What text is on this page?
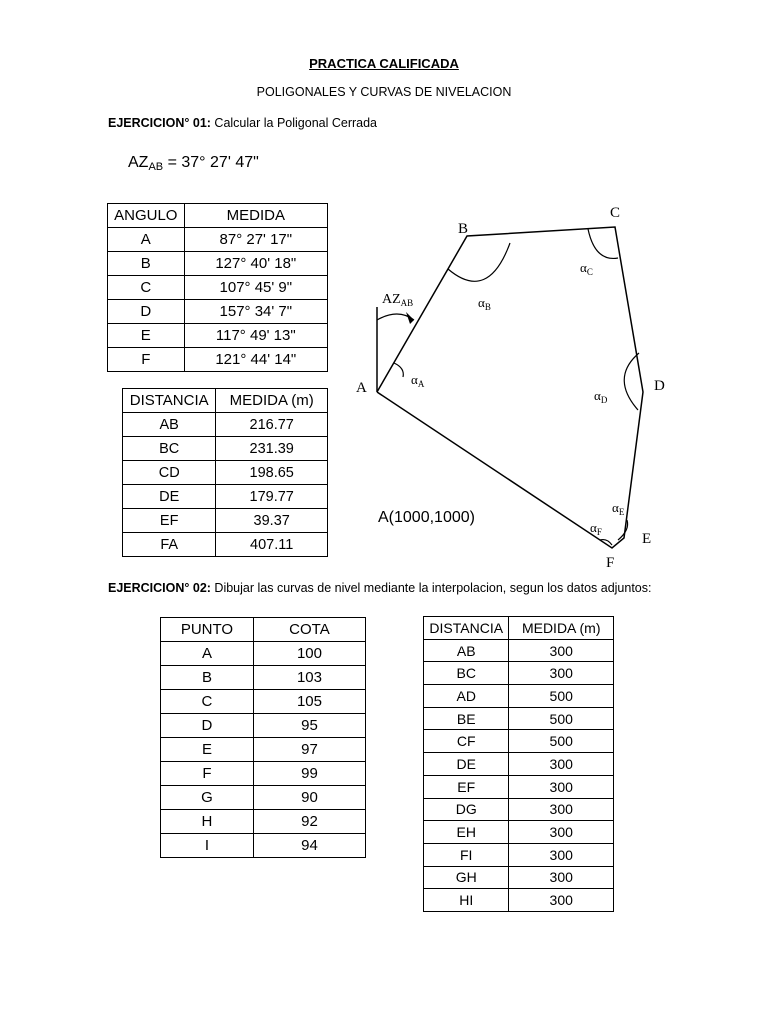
PRACTICA CALIFICADA
POLIGONALES Y CURVAS DE NIVELACION
EJERCICION° 01: Calcular la Poligonal Cerrada
$AZ_{AB} = 37^\circ$ 27' 47"
ANGULO	MEDIDA
A	87° 27' 17"
B	127° 40' 18"
C	107° 45' 9"
D	157° 34' 7"
E	117° 49' 13"
F	121° 44' 14"
DISTANCIA	MEDIDA (m)
AB	216.77
BC	231.39
CD	198.65
DE	179.77
EF	39.37
FA	407.11
A
B
C
D
E
F
$AZ_{AB}$
$\alpha_A$
$\alpha_B$
$\alpha_C$
$\alpha_D$
$\alpha_E$
$\alpha_F$
A(1000,1000)
EJERCICION° 02: Dibujar las curvas de nivel mediante la interpolacion, segun los datos adjuntos:
PUNTO	COTA
A	100
B	103
C	105
D	95
E	97
F	99
G	90
H	92
I	94
DISTANCIA	MEDIDA (m)
AB	300
BC	300
AD	500
BE	500
CF	500
DE	300
EF	300
DG	300
EH	300
FI	300
GH	300
HI	300
